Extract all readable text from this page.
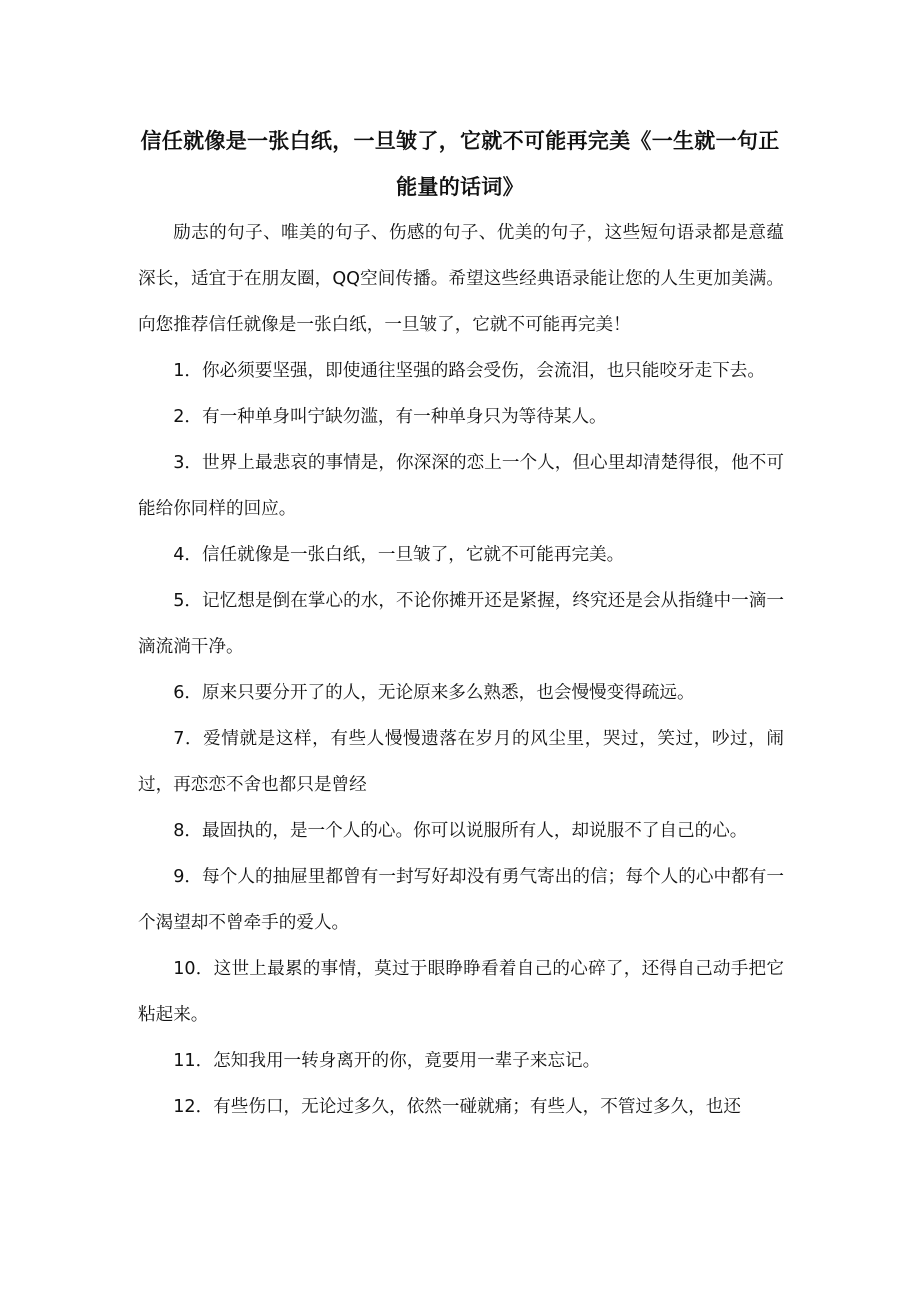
信任就像是一张白纸，一旦皱了，它就不可能再完美《一生就一句正能量的话词》

励志的句子、唯美的句子、伤感的句子、优美的句子，这些短句语录都是意蕴深长，适宜于在朋友圈，QQ空间传播。希望这些经典语录能让您的人生更加美满。向您推荐信任就像是一张白纸，一旦皱了，它就不可能再完美！

1．你必须要坚强，即使通往坚强的路会受伤，会流泪，也只能咬牙走下去。

2．有一种单身叫宁缺勿滥，有一种单身只为等待某人。

3．世界上最悲哀的事情是，你深深的恋上一个人，但心里却清楚得很，他不可能给你同样的回应。

4．信任就像是一张白纸，一旦皱了，它就不可能再完美。

5．记忆想是倒在掌心的水，不论你摊开还是紧握，终究还是会从指缝中一滴一滴流淌干净。

6．原来只要分开了的人，无论原来多么熟悉，也会慢慢变得疏远。

7．爱情就是这样，有些人慢慢遗落在岁月的风尘里，哭过，笑过，吵过，闹过，再恋恋不舍也都只是曾经

8．最固执的，是一个人的心。你可以说服所有人，却说服不了自己的心。

9．每个人的抽屉里都曾有一封写好却没有勇气寄出的信；每个人的心中都有一个渴望却不曾牵手的爱人。

10．这世上最累的事情，莫过于眼睁睁看着自己的心碎了，还得自己动手把它粘起来。

11．怎知我用一转身离开的你，竟要用一辈子来忘记。

12．有些伤口，无论过多久，依然一碰就痛；有些人，不管过多久，也还
